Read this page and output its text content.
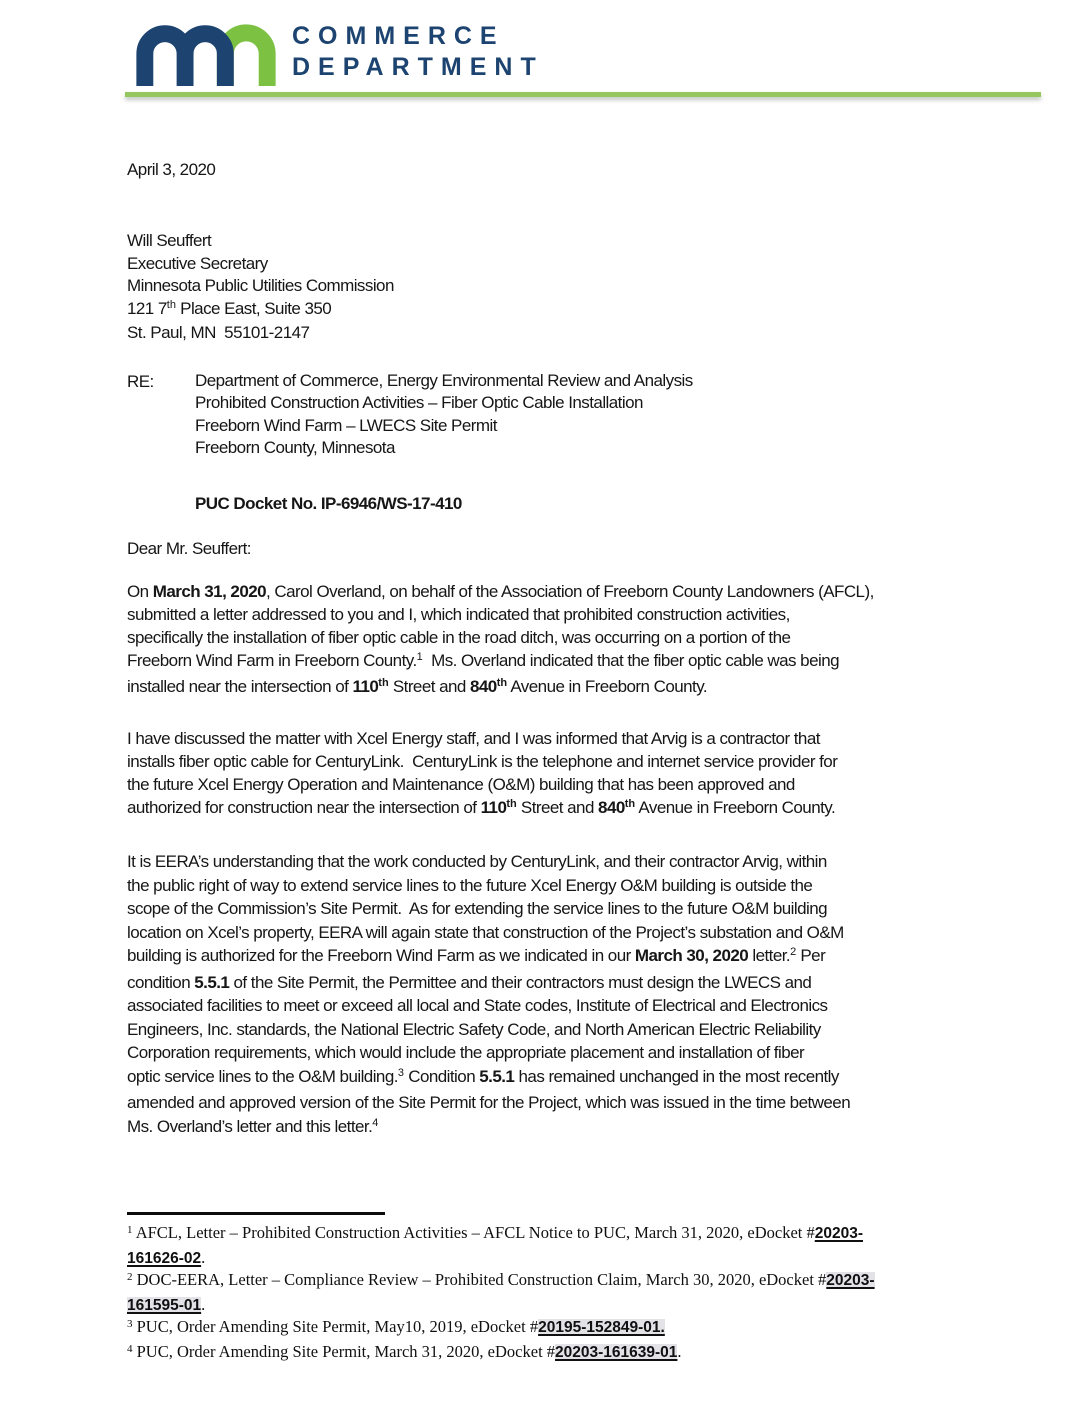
COMMERCE
DEPARTMENT
April 3, 2020
Will Seuffert
Executive Secretary
Minnesota Public Utilities Commission
121 7th Place East, Suite 350
St. Paul, MN  55101-2147
RE: Department of Commerce, Energy Environmental Review and Analysis
Prohibited Construction Activities – Fiber Optic Cable Installation
Freeborn Wind Farm – LWECS Site Permit
Freeborn County, Minnesota
PUC Docket No. IP-6946/WS-17-410
Dear Mr. Seuffert:
On March 31, 2020, Carol Overland, on behalf of the Association of Freeborn County Landowners (AFCL),
submitted a letter addressed to you and I, which indicated that prohibited construction activities,
specifically the installation of fiber optic cable in the road ditch, was occurring on a portion of the
Freeborn Wind Farm in Freeborn County.$^1$  Ms. Overland indicated that the fiber optic cable was being
installed near the intersection of 110th Street and 840th Avenue in Freeborn County.
I have discussed the matter with Xcel Energy staff, and I was informed that Arvig is a contractor that
installs fiber optic cable for CenturyLink.  CenturyLink is the telephone and internet service provider for
the future Xcel Energy Operation and Maintenance (O&M) building that has been approved and
authorized for construction near the intersection of 110th Street and 840th Avenue in Freeborn County.
It is EERA’s understanding that the work conducted by CenturyLink, and their contractor Arvig, within
the public right of way to extend service lines to the future Xcel Energy O&M building is outside the
scope of the Commission’s Site Permit.  As for extending the service lines to the future O&M building
location on Xcel’s property, EERA will again state that construction of the Project’s substation and O&M
building is authorized for the Freeborn Wind Farm as we indicated in our March 30, 2020 letter.$^2$ Per
condition 5.5.1 of the Site Permit, the Permittee and their contractors must design the LWECS and
associated facilities to meet or exceed all local and State codes, Institute of Electrical and Electronics
Engineers, Inc. standards, the National Electric Safety Code, and North American Electric Reliability
Corporation requirements, which would include the appropriate placement and installation of fiber
optic service lines to the O&M building.$^3$ Condition 5.5.1 has remained unchanged in the most recently
amended and approved version of the Site Permit for the Project, which was issued in the time between
Ms. Overland’s letter and this letter.$^4$
$^1$ AFCL, Letter – Prohibited Construction Activities – AFCL Notice to PUC, March 31, 2020, eDocket #20203-
161626-02.
$^2$ DOC-EERA, Letter – Compliance Review – Prohibited Construction Claim, March 30, 2020, eDocket #20203-
161595-01.
$^3$ PUC, Order Amending Site Permit, May10, 2019, eDocket #20195-152849-01.
$^4$ PUC, Order Amending Site Permit, March 31, 2020, eDocket #20203-161639-01.
